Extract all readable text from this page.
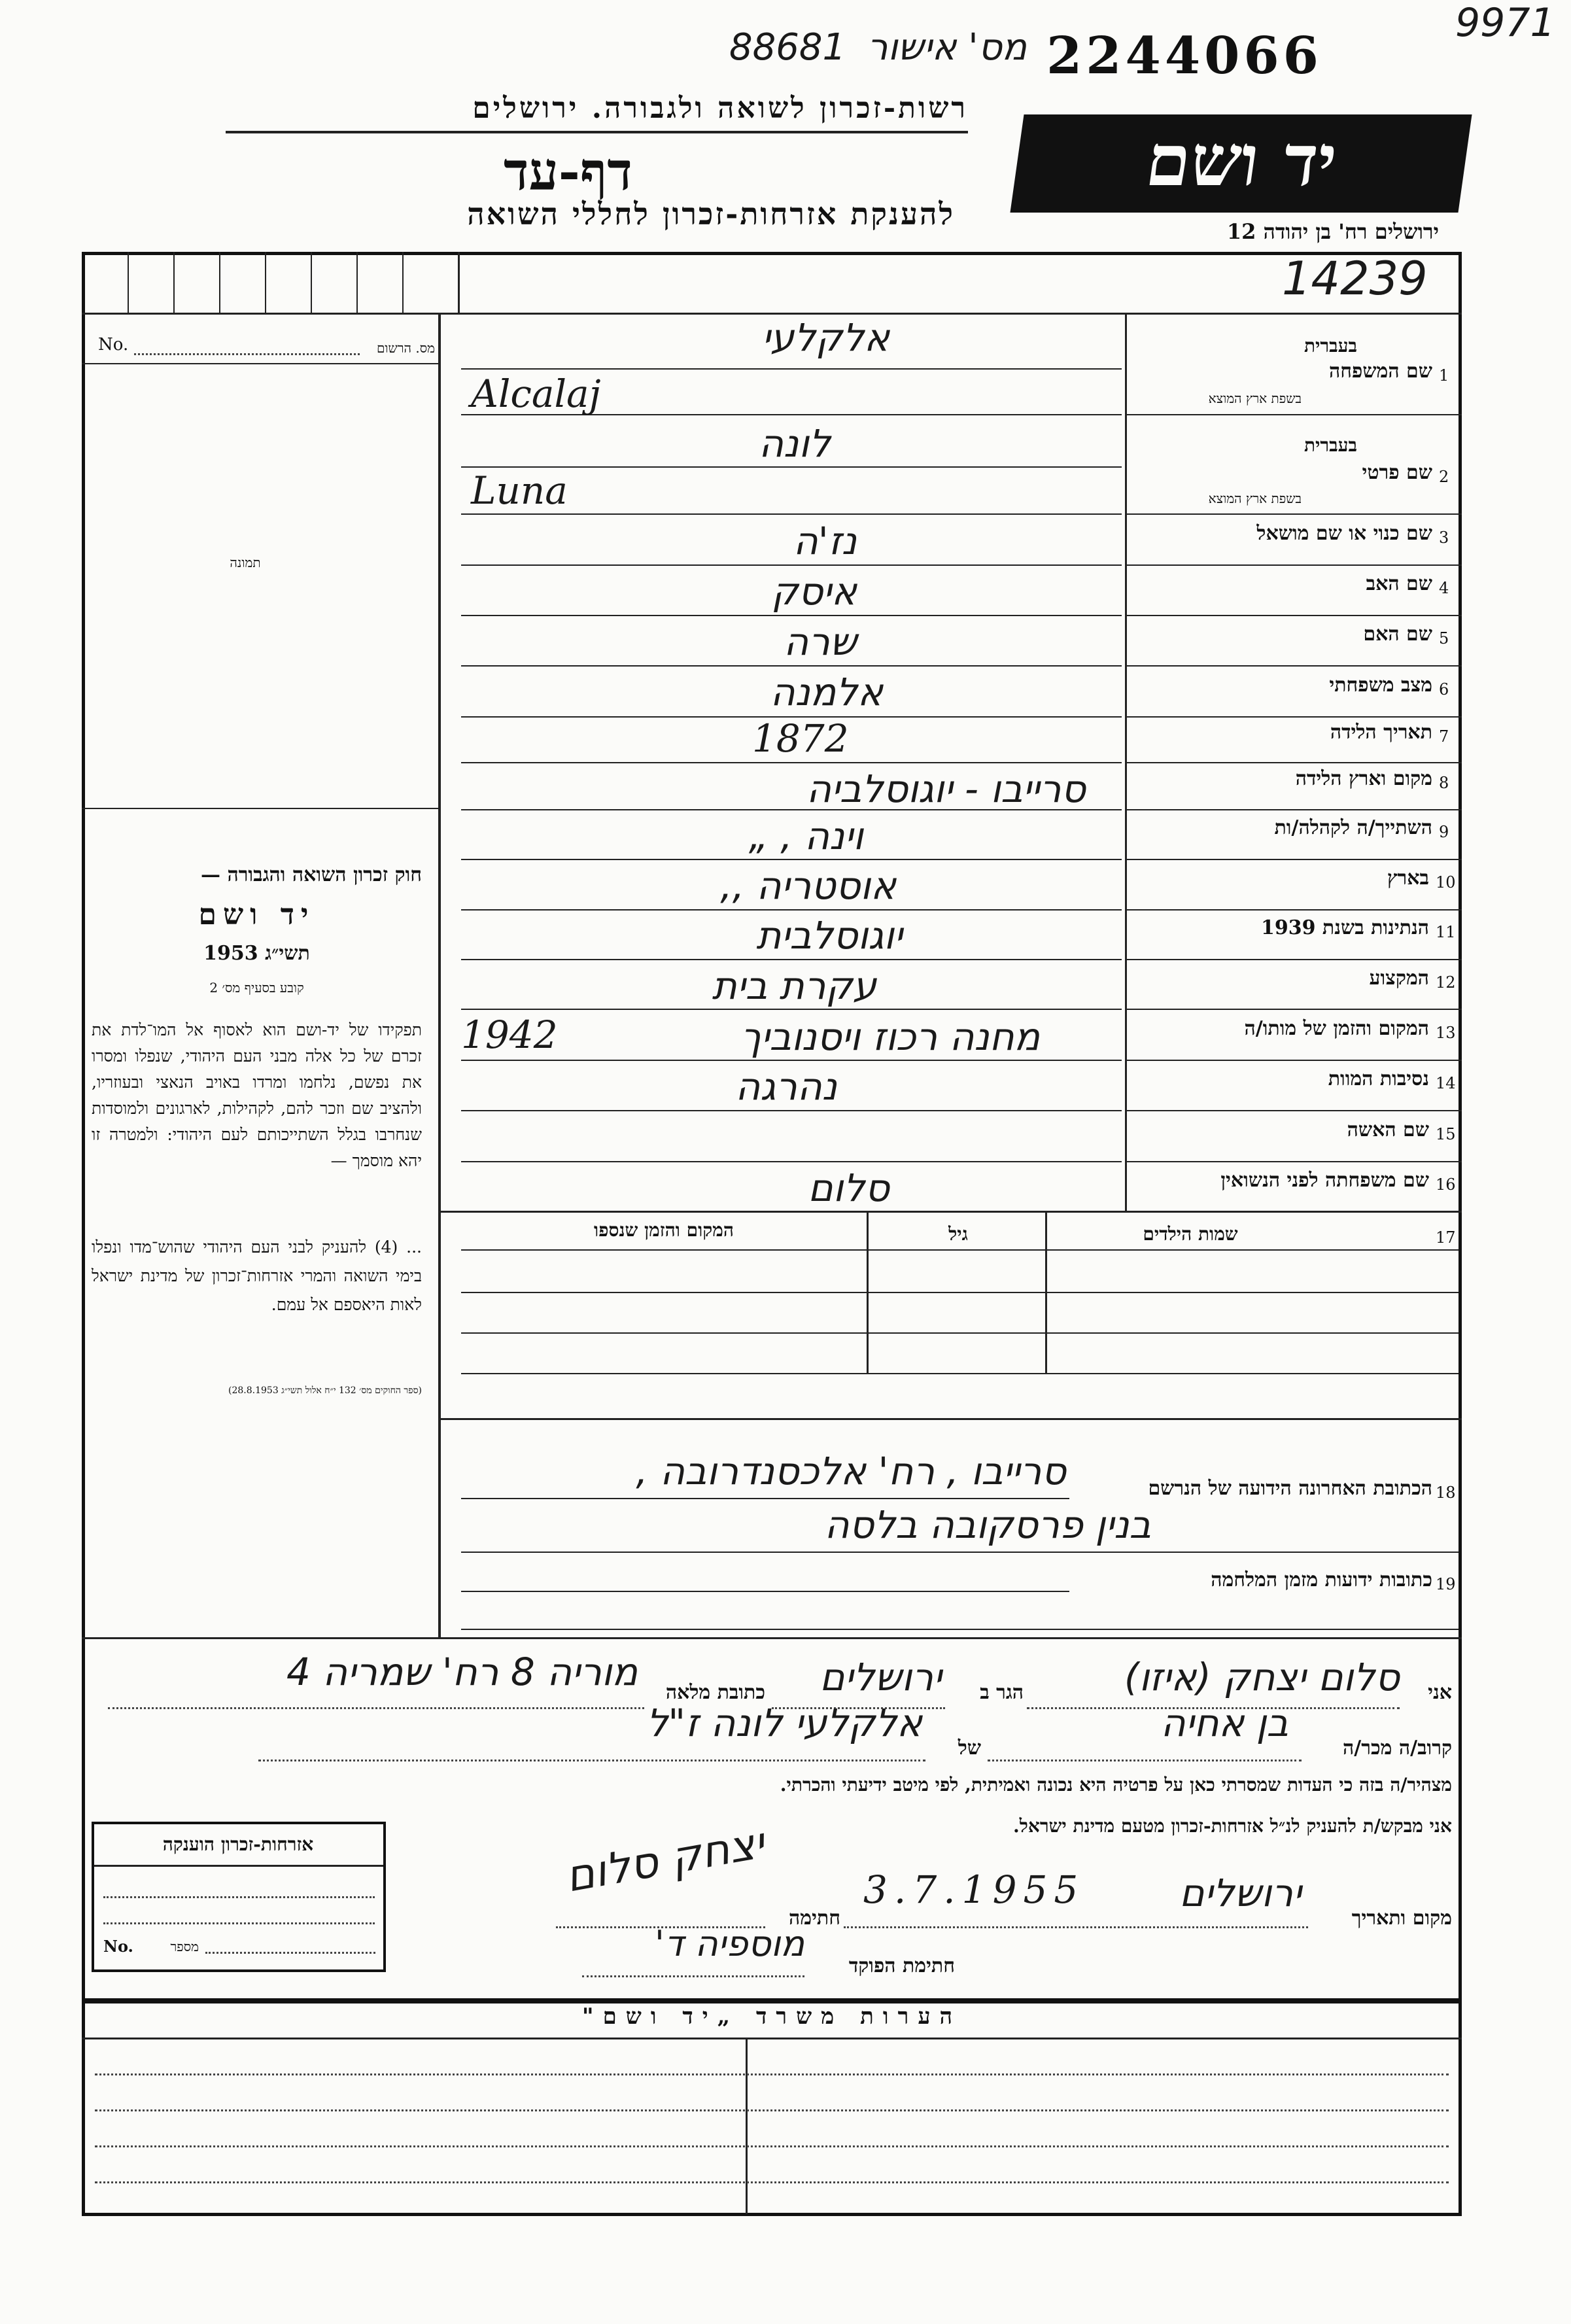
9971
88681 מס' אישור 2244066
רשות-זכרון לשואה ולגבורה. ירושלים
דף-עד
להענקת אזרחות-זכרון לחללי השואה
יד ושם
ירושלים רח' בן יהודה 12
14239
No.	מס. הרשום
תמונה
חוק זכרון השואה והגבורה —
יד ושם
תשי״ג 1953
קובע בסעיף מס׳ 2
תפקידו של יד-ושם הוא לאסוף אל המו־לדת את זכרם של כל אלה מבני העם היהודי, שנפלו ומסרו את נפשם, נלחמו ומרדו באויב הנאצי ובעוזריו, ולהציב שם וזכר להם, לקהילות, לארגונים ולמוסדות שנחרבו בגלל השתייכותם לעם היהודי: ולמטרה זו יהא מוסמך —
... (4) להעניק לבני העם היהודי שהוש־מדו ונפלו בימי השואה והמרי אזרחות־זכרון של מדינת ישראל לאות היאספם אל עמם.
(ספר החוקים מס׳ 132 י״ח אלול תשי״ג 28.8.1953)
1
שם המשפחה
בעברית
בשפת ארץ המוצא
אלקלעי
Alcalaj
2
שם פרטי
בעברית
בשפת ארץ המוצא
לונה
Luna
3
שם כנוי או שם מושאל
נז'ה
4
שם האב
איסק
5
שם האם
שרה
6
מצב משפחתי
אלמנה
7
תאריך הלידה
1872
8
מקום וארץ הלידה
סרייבו - יוגוסלביה
9
השתייך/ה לקהלה/ות
וינה , „
10
בארץ
אוסטריה ,,
11
הנתינות בשנת 1939
יוגוסלבית
12
המקצוע
עקרת בית
13
המקום והזמן של מותו/ה
מחנה רכוז ויסנוביך
1942
14
נסיבות המוות
נהרגה
15
שם האשה
16
שם משפחתה לפני הנשואין
סלום
17
שמות הילדים
גיל
המקום והזמן שנספו
18
הכתובת האחרונה הידועה של הנרשם
סרייבו , רח' אלכסנדרובה ,
בנין פרסקובה בלסה
19
כתובות ידועות מזמן המלחמה
אני
סלום יצחק (איזו)
הגר ב
ירושלים
כתובת מלאה
מוריה 8 רח' שמריה 4
קרוב/ה מכר/ה
בן אחיה
של
אלקלעי לונה ז"ל
מצהיר/ה בזה כי העדות שמסרתי כאן על פרטיה היא נכונה ואמיתית, לפי מיטב ידיעתי והכרתי.
אני מבקש/ת להעניק לנ״ל אזרחות-זכרון מטעם מדינת ישראל.
מקום ותאריך
ירושלים
3.7.1955
חתימה
יצחק סלום
חתימת הפוקד
מוספיה ד'
אזרחות-זכרון הוענקה
No.	מספר
הערות משרד „יד ושם"
